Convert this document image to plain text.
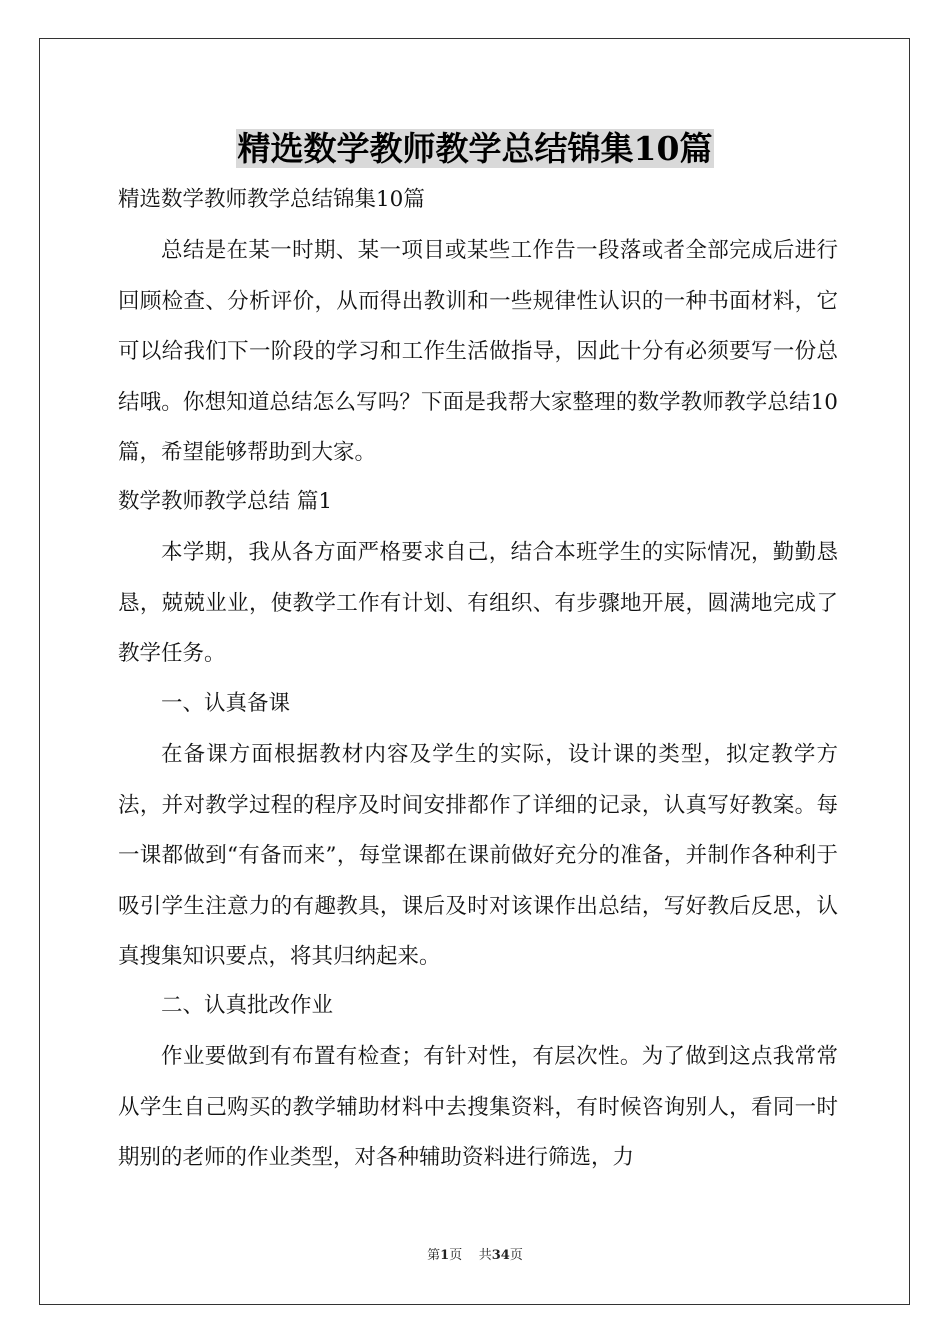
精选数学教师教学总结锦集10篇

精选数学教师教学总结锦集10篇

总结是在某一时期、某一项目或某些工作告一段落或者全部完成后进行回顾检查、分析评价，从而得出教训和一些规律性认识的一种书面材料，它可以给我们下一阶段的学习和工作生活做指导，因此十分有必须要写一份总结哦。你想知道总结怎么写吗？下面是我帮大家整理的数学教师教学总结10篇，希望能够帮助到大家。

数学教师教学总结 篇1

本学期，我从各方面严格要求自己，结合本班学生的实际情况，勤勤恳恳，兢兢业业，使教学工作有计划、有组织、有步骤地开展，圆满地完成了教学任务。

一、认真备课

在备课方面根据教材内容及学生的实际，设计课的类型，拟定教学方法，并对教学过程的程序及时间安排都作了详细的记录，认真写好教案。每一课都做到“有备而来”，每堂课都在课前做好充分的准备，并制作各种利于吸引学生注意力的有趣教具，课后及时对该课作出总结，写好教后反思，认真搜集知识要点，将其归纳起来。

二、认真批改作业

作业要做到有布置有检查；有针对性，有层次性。为了做到这点我常常从学生自己购买的教学辅助材料中去搜集资料，有时候咨询别人，看同一时期别的老师的作业类型，对各种辅助资料进行筛选，力

第1页 共34页
